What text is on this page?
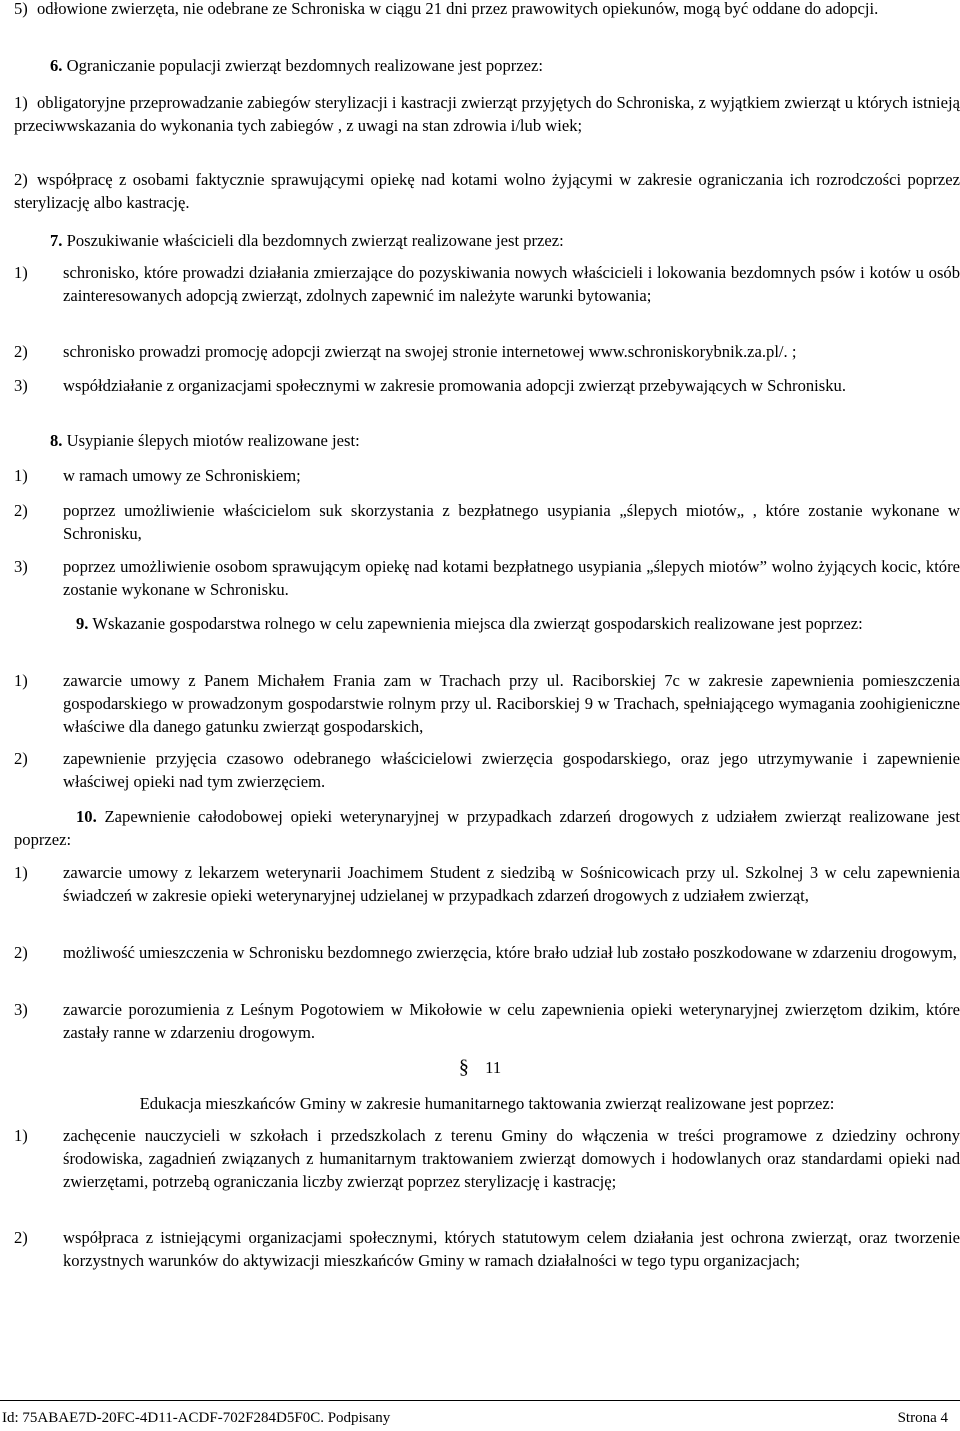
5) odłowione zwierzęta, nie odebrane ze Schroniska w ciągu 21 dni przez prawowitych opiekunów, mogą być oddane do adopcji.
6. Ograniczanie populacji zwierząt bezdomnych realizowane jest poprzez:
1) obligatoryjne przeprowadzanie zabiegów sterylizacji i kastracji zwierząt przyjętych do Schroniska, z wyjątkiem zwierząt u których istnieją przeciwwskazania do wykonania tych zabiegów , z uwagi na stan zdrowia i/lub wiek;
2) współpracę z osobami faktycznie sprawującymi opiekę nad kotami wolno żyjącymi w zakresie ograniczania ich rozrodczości poprzez sterylizację albo kastrację.
7. Poszukiwanie właścicieli dla bezdomnych zwierząt realizowane jest przez:
1) schronisko, które prowadzi działania zmierzające do pozyskiwania nowych właścicieli i lokowania bezdomnych psów i kotów u osób zainteresowanych adopcją zwierząt, zdolnych zapewnić im należyte warunki bytowania;
2) schronisko prowadzi promocję adopcji zwierząt na swojej stronie internetowej www.schroniskorybnik.za.pl/. ;
3) współdziałanie z organizacjami społecznymi w zakresie promowania adopcji zwierząt przebywających w Schronisku.
8. Usypianie ślepych miotów realizowane jest:
1) w ramach umowy ze Schroniskiem;
2) poprzez umożliwienie właścicielom suk skorzystania z bezpłatnego usypiania „ślepych miotów„ , które zostanie wykonane w Schronisku,
3) poprzez umożliwienie osobom sprawującym opiekę nad kotami bezpłatnego usypiania „ślepych miotów” wolno żyjących kocic, które zostanie wykonane w Schronisku.
9. Wskazanie gospodarstwa rolnego w celu zapewnienia miejsca dla zwierząt gospodarskich realizowane jest poprzez:
1) zawarcie umowy z Panem Michałem Frania zam w Trachach przy ul. Raciborskiej 7c w zakresie zapewnienia pomieszczenia gospodarskiego w prowadzonym gospodarstwie rolnym przy ul. Raciborskiej 9 w Trachach, spełniającego wymagania zoohigieniczne właściwe dla danego gatunku zwierząt gospodarskich,
2) zapewnienie przyjęcia czasowo odebranego właścicielowi zwierzęcia gospodarskiego, oraz jego utrzymywanie i zapewnienie właściwej opieki nad tym zwierzęciem.
10. Zapewnienie całodobowej opieki weterynaryjnej w przypadkach zdarzeń drogowych z udziałem zwierząt realizowane jest poprzez:
1) zawarcie umowy z lekarzem weterynarii Joachimem Student z siedzibą w Sośnicowicach przy ul. Szkolnej 3 w celu zapewnienia świadczeń w zakresie opieki weterynaryjnej udzielanej w przypadkach zdarzeń drogowych z udziałem zwierząt,
2) możliwość umieszczenia w Schronisku bezdomnego zwierzęcia, które brało udział lub zostało poszkodowane w zdarzeniu drogowym,
3) zawarcie porozumienia z Leśnym Pogotowiem w Mikołowie w celu zapewnienia opieki weterynaryjnej zwierzętom dzikim, które zastały ranne w zdarzeniu drogowym.
§ 11
Edukacja mieszkańców Gminy w zakresie humanitarnego taktowania zwierząt realizowane jest poprzez:
1) zachęcenie nauczycieli w szkołach i przedszkolach z terenu Gminy do włączenia w treści programowe z dziedziny ochrony środowiska, zagadnień związanych z humanitarnym traktowaniem zwierząt domowych i hodowlanych oraz standardami opieki nad zwierzętami, potrzebą ograniczania liczby zwierząt poprzez sterylizację i kastrację;
2) współpraca z istniejącymi organizacjami społecznymi, których statutowym celem działania jest ochrona zwierząt, oraz tworzenie korzystnych warunków do aktywizacji mieszkańców Gminy w ramach działalności w tego typu organizacjach;
Id: 75ABAE7D-20FC-4D11-ACDF-702F284D5F0C. Podpisany	Strona 4
